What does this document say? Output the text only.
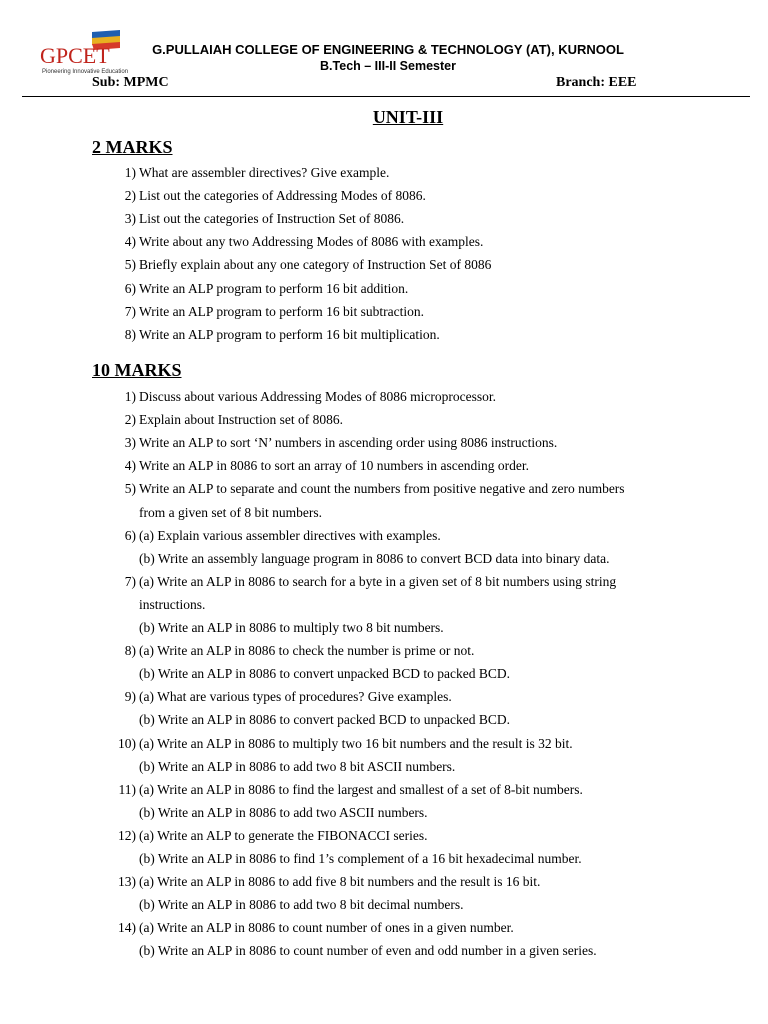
GPCET
Pioneering Innovative Education
G.PULLAIAH COLLEGE OF ENGINEERING & TECHNOLOGY (AT), KURNOOL
B.Tech – III-II Semester
Sub: MPMC	Branch: EEE
UNIT-III
2 MARKS
1) What are assembler directives? Give example.
2) List out the categories of Addressing Modes of 8086.
3) List out the categories of Instruction Set of 8086.
4) Write about any two Addressing Modes of 8086 with examples.
5) Briefly explain about any one category of Instruction Set of 8086
6) Write an ALP program to perform 16 bit addition.
7) Write an ALP program to perform 16 bit subtraction.
8) Write an ALP program to perform 16 bit multiplication.
10 MARKS
1) Discuss about various Addressing Modes of 8086 microprocessor.
2) Explain about Instruction set of 8086.
3) Write an ALP to sort ‘N’ numbers in ascending order using 8086 instructions.
4) Write an ALP in 8086 to sort an array of 10 numbers in ascending order.
5) Write an ALP to separate and count the numbers from positive negative and zero numbers
from a given set of 8 bit numbers.
6) (a) Explain various assembler directives with examples.
(b) Write an assembly language program in 8086 to convert BCD data into binary data.
7) (a) Write an ALP in 8086 to search for a byte in a given set of 8 bit numbers using string
instructions.
(b) Write an ALP in 8086 to multiply two 8 bit numbers.
8) (a) Write an ALP in 8086 to check the number is prime or not.
(b) Write an ALP in 8086 to convert unpacked BCD to packed BCD.
9) (a) What are various types of procedures? Give examples.
(b) Write an ALP in 8086 to convert packed BCD to unpacked BCD.
10) (a) Write an ALP in 8086 to multiply two 16 bit numbers and the result is 32 bit.
(b) Write an ALP in 8086 to add two 8 bit ASCII numbers.
11) (a) Write an ALP in 8086 to find the largest and smallest of a set of 8-bit numbers.
(b) Write an ALP in 8086 to add two ASCII numbers.
12) (a) Write an ALP to generate the FIBONACCI series.
(b) Write an ALP in 8086 to find 1’s complement of a 16 bit hexadecimal number.
13) (a) Write an ALP in 8086 to add five 8 bit numbers and the result is 16 bit.
(b) Write an ALP in 8086 to add two 8 bit decimal numbers.
14) (a) Write an ALP in 8086 to count number of ones in a given number.
(b) Write an ALP in 8086 to count number of even and odd number in a given series.
